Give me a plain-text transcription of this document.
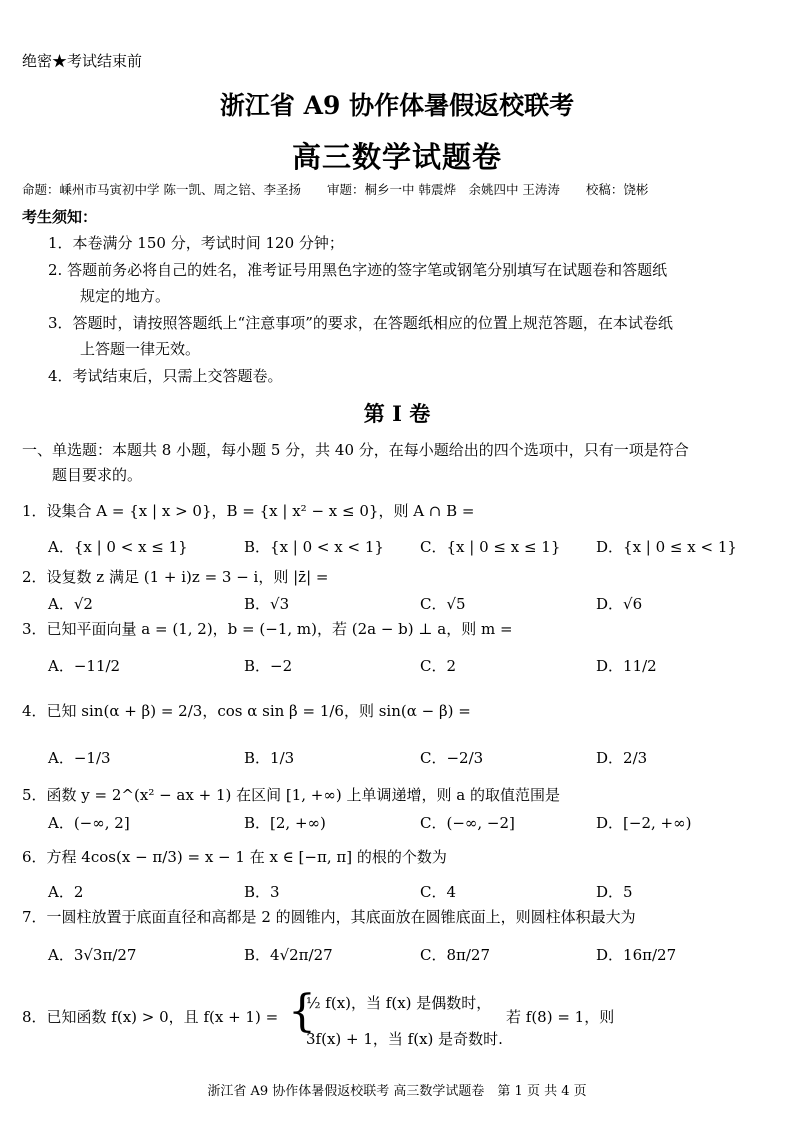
绝密★考试结束前
浙江省 A9 协作体暑假返校联考
高三数学试题卷
命题：嵊州市马寅初中学 陈一凯、周之锫、李圣扬 审题：桐乡一中 韩震烨　余姚四中 王涛涛 校稿：饶彬
考生须知：
1．本卷满分 150 分，考试时间 120 分钟；
2. 答题前务必将自己的姓名，准考证号用黑色字迹的签字笔或钢笔分别填写在试题卷和答题纸
规定的地方。
3．答题时，请按照答题纸上“注意事项”的要求，在答题纸相应的位置上规范答题，在本试卷纸
上答题一律无效。
4．考试结束后，只需上交答题卷。
第 I 卷
一、单选题：本题共 8 小题，每小题 5 分，共 40 分，在每小题给出的四个选项中，只有一项是符合
题目要求的。
1．设集合 A = {x | x > 0}，B = {x | x² − x ≤ 0}，则 A ∩ B =
A．{x | 0 < x ≤ 1}	B．{x | 0 < x < 1} C．{x | 0 ≤ x ≤ 1} D．{x | 0 ≤ x < 1}
2．设复数 z 满足 (1 + i)z = 3 − i，则 |z̄| =
A．√2	B．√3	C．√5	D．√6
3．已知平面向量 a = (1, 2)，b = (−1, m)，若 (2a − b) ⊥ a，则 m =
A．−11/2	B．−2	C．2	D．11/2
4．已知 sin(α + β) = 2/3，cos α sin β = 1/6，则 sin(α − β) =
A．−1/3	B．1/3	C．−2/3	D．2/3
5．函数 y = 2^(x² − ax + 1) 在区间 [1, +∞) 上单调递增，则 a 的取值范围是
A．(−∞, 2]	B．[2, +∞)	C．(−∞, −2]	D．[−2, +∞)
6．方程 4cos(x − π/3) = x − 1 在 x ∈ [−π, π] 的根的个数为
A．2	B．3	C．4	D．5
7．一圆柱放置于底面直径和高都是 2 的圆锥内，其底面放在圆锥底面上，则圆柱体积最大为
A．3√3π/27	B．4√2π/27	C．8π/27	D．16π/27
8．已知函数 f(x) > 0，且 f(x + 1) = {
½ f(x)，当 f(x) 是偶数时，
3f(x) + 1，当 f(x) 是奇数时.
若 f(8) = 1，则
浙江省 A9 协作体暑假返校联考 高三数学试题卷　第 1 页 共 4 页
